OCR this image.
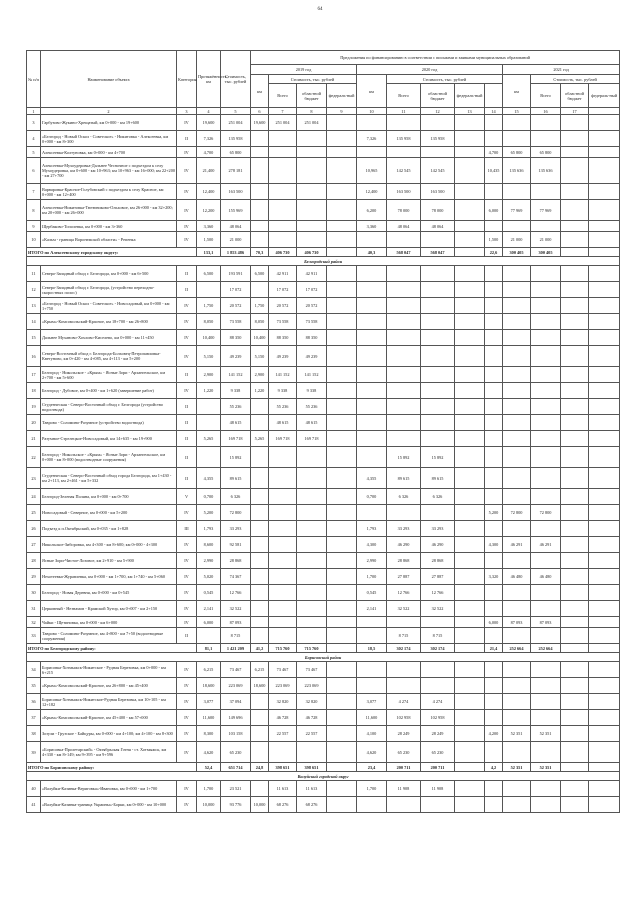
64
№ п/п	Наименование объекта	Категория	Протяжённость, км	Стоимость, тыс. рублей	Предложения по финансированию в соответствии с письмами и заявками муниципальных образований												
					2019 год				2020 год					2021 год			
					км	Стоимость, тыс. рублей			км	Стоимость, тыс. рублей				км	Стоимость, тыс. рублей		
						Всего	областной бюджет	федераль-ный		Всего	областной бюджет	федераль-ный			Всего	областной бюджет	федераль-ный
1	2	3	4	5	6	7	8	9	10	11	12	13	14	15	16	17	
3	Гарбузово-Жукино-Хрещатый, км 0+000 - км 19+600	IV	19,600	251 004	19,600	251 004	251 004										
4	«Белгород - Новый Оскол - Советское» - Никитовка - Алексеевка, км 0+000 - км 8+300	II	7,326	135 958					7,326	135 958	135 958						
5	Алексеевка-Колтуновка, км 0+000 - км 4+700	IV	4,700	65 800									4,700	65 800	65 800		
6	Алексеевка-Мухоудеровка-Дальнее Чесночное с подъездом к селу Мухоудеровка, км 0+600 - км 10+963; км 10+963 - км 16+000; км 22+200 - км 27+700	IV	21,400	278 181					10,965	142 545	142 545		10,435	135 636	135 636		
7	Варваровка-Красное-Голубовский с подъездом к селу Красное, км 0+000 - км 12+400	IV	12,400	163 500					12,400	163 500	163 500						
8	Алексеевка-Никитовка-Тютюниково-Ольховое, км 26+000 - км 32+200; км 20+000 - км 26+000	IV	12,200	155 969					6,200	78 000	78 000		6,000	77 969	77 969		
9	Щербаково-Тополевка, км 0+000 - км 3+360	IV	3,360	48 064					3,360	48 064	48 064						
10	«Кальм - граница Воронежской области» - Репенка	IV	1,500	21 000									1,500	21 000	21 000		
ИТОГО по Алексеевскому городскому округу:			133,1	1 853 486	70,3	406 730	406 730		40,3	568 047	568 047		22,6	300 405	300 405		
Белгородский район																	
11	Северо-Западный обход г. Белгорода, км 0+000 - км 6+500	II	6,500	193 591	6,500	42 911	42 911										
12	Северо-Западный обход г. Белгорода, (устройство переходно-скоростных полос)	II		17 072		17 072	17 072										
13	«Белгород - Новый Оскол - Советское» - Новосадовый, км 0+000 - км 1+750	IV	1,750	20 572	1,750	20 572	20 572										
14	«Крым»-Комсомольский-Красное, км 18+700 - км 26+800	IV	8,050	73 558	8,050	73 558	73 558										
15	Дальнее Муханово-Хохлово-Киселево, км 0+000 - км 11+450	IV	10,400	88 350	10,400	88 350	88 350										
16	Северо-Восточный обход г. Белгорода-Болховец-Петропавловка-Кветуново, км 0+420 - км 4+085, км 4+113 - км 5+200	IV	5,150	49 239	5,150	49 239	49 239										
17	Белгород - Никольское - «Крым» - Ясные Зори - Архангельское, км 2+700 - км 5+600	II	2,900	141 152	2,900	141 152	141 152										
18	Белгород - Дубовое, км 0+400 - км 1+620 (завершение работ)	IV	1,220	9 338	1,220	9 338	9 338										
19	Студенческая - Северо-Восточный обход г. Белгорода (устройство водоотвода)	II		55 236		55 236	55 236										
20	Таврово - Соломино-Разумное (устройство водоотвода)	II		48 615		48 615	48 615										
21	Разумное-Стрелецкое-Новосадовый, км 14+635 - км 19+900	II	5,265	169 718	5,265	169 718	169 718										
22	Белгород - Никольское - «Крым» - Ясные Зори - Архангельское, км 0+000 - км 8+000 (водоотводные сооружения)	II		15 892						15 892	15 892						
23	Студенческая - Северо-Восточный обход города Белгорода, км 1+430 - км 2+113, км 2+461 - км 5+332	II	4,355	89 615					4,355	89 615	89 615						
24	Белгород-Зеленая Поляна, км 0+000 - км 0+700	V	0,700	6 326					0,700	6 326	6 326						
25	Новосадовый - Северное, км 0+000 - км 5+200	IV	5,200	72 800									5,200	72 800	72 800		
26	Подъезд к п.Октябрьский, км 0+035 - км 1+828	III	1,793	33 293					1,793	33 293	33 293						
27	Никольское-Зиборовка, км 4+300 - км 8+600; км 0+000 - 4+300	IV	8,600	92 581					4,300	46 290	46 290		4,300	46 291	46 291		
28	Ясные Зори-Чистое-Лозовое, км 2+910 - км 5+900	IV	2,990	28 868					2,990	28 868	28 868						
29	Нехотеевка-Журавлевка, км 0+000 - км 1+700, км 1+740 - км 5+060	IV	5,020	74 367					1,700	27 887	27 887		3,320	46 480	46 480		
30	Белгород - Новая Деревня, км 0+000 - км 0+545	IV	0,545	12 766					0,545	12 766	12 766						
31	Церковный - Незнамов - Крамской Хутор, км 0+007 - км 2+150	IV	2,141	32 522					2,141	32 522	32 522						
32	Чайки - Щетиновка, км 0+000 - км 6+000	IV	6,000	87 093									6,000	87 093	87 093		
33	Таврово - Соломино-Разумное, км 4+800 - км 7+50 (водоотводные сооружения)	II		8 715						8 715	8 715						
ИТОГО по Белгородскому району:			81,1	1 421 209	41,2	715 760	715 760		18,5	302 174	302 174		21,4	252 664	252 664		
Борисовский район																	
34	Борисовка-Хотмыжск-Никитское - Рудная Березовка, км 0+000 - км 6+215	IV	6,215	73 467	6,215	73 467	73 467										
35	«Крым»-Комсомольский-Красное, км 26+800 - км 45+400	IV	18,600	223 069	18,600	223 069	223 069										
36	Борисовка-Хотмыжск-Никитское-Рудная Березовка, км 10+105 - км 12+182	IV	3,077	37 094		32 820	32 820		3,077	4 274	4 274						
37	«Крым»-Комсомольский-Красное, км 45+400 - км 57+000	IV	11,600	149 696		46 728	46 728		11,600	102 958	102 958						
38	Зозули - Грузское - Байцуры, км 0+000 - км 4+100; км 4+100 - км 8+300	IV	8,300	103 158		22 557	22 557		4,100	28 249	28 249		4,200	52 351	52 351		
39	«Борисовка-Пролетарский» - Октябрьская Готня - ст. Хотмыжск, км 4+330 - км 8+149; км 9+395 - км 9+596	IV	4,620	65 230					4,620	65 230	65 230						
ИТОГО по Борисовскому району:			52,4	651 714	24,8	398 651	398 651		23,4	200 711	200 711		4,2	52 351	52 351		
Валуйский городской округ																	
40	«Валуйки-Казинка-Вериговка»-Ивановка, км 0+000 - км 1+700	IV	1,700	23 521		11 613	11 613		1,700	11 908	11 908						
41	«Валуйки-Казинка-граница Украины»-Борки, км 0+000 - км 10+000	IV	10,000	93 776	10,000	68 276	68 276										
